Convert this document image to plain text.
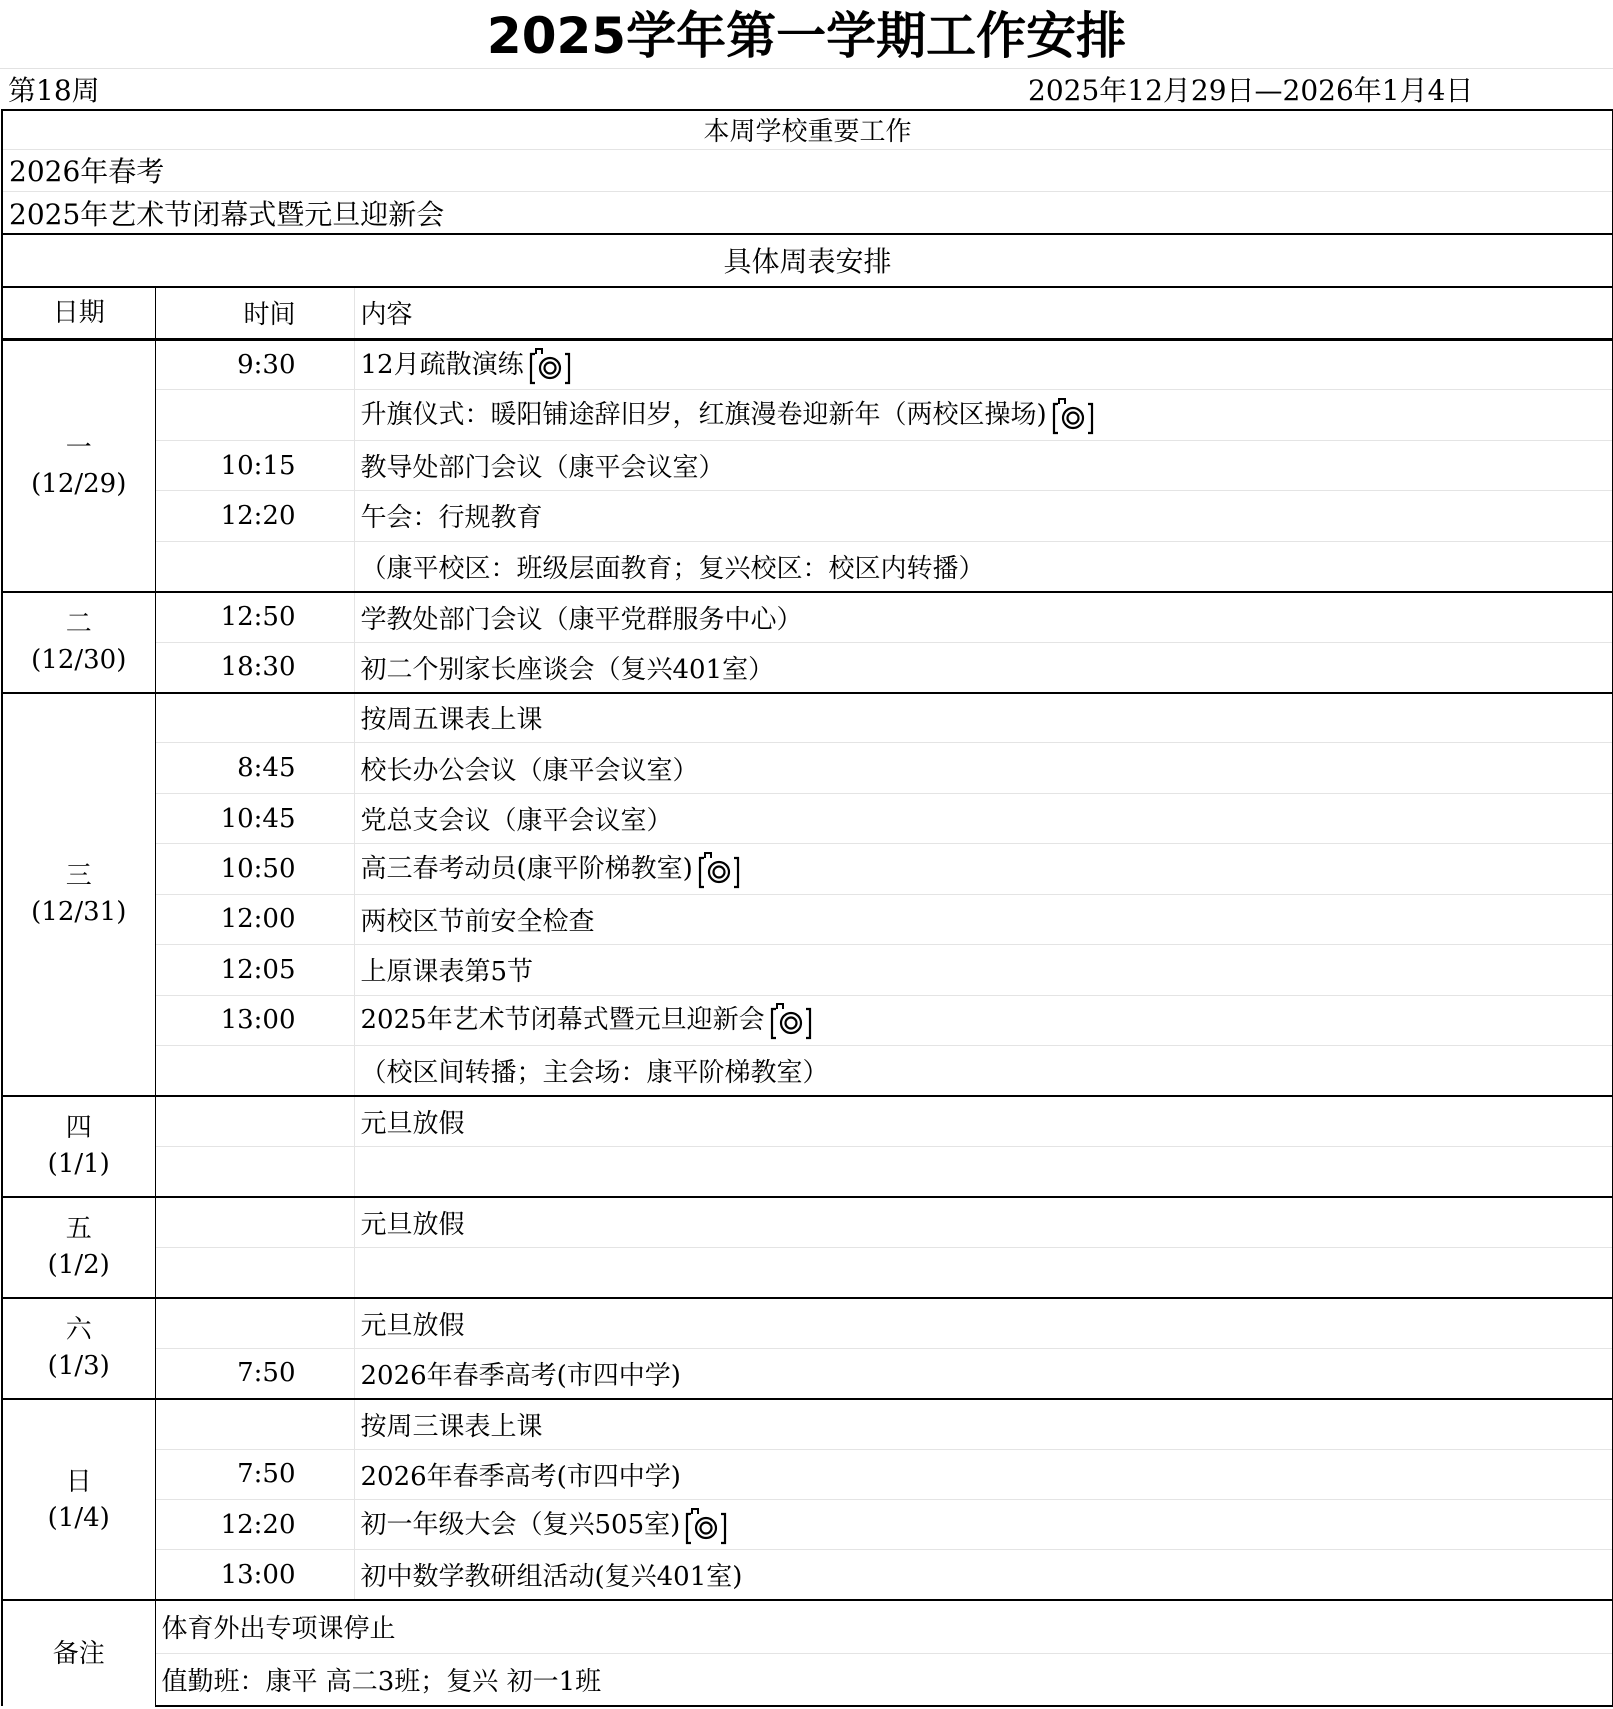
2025学年第一学期工作安排
第18周	2025年12月29日—2026年1月4日
本周学校重要工作		
2026年春考		
2025年艺术节闭幕式暨元旦迎新会		
具体周表安排		
日期	时间	内容

一
(12/29)	9:30	12月疏散演练
		升旗仪式：暖阳铺途辞旧岁，红旗漫卷迎新年（两校区操场)
	10:15	教导处部门会议（康平会议室）
	12:20	午会：行规教育
		（康平校区：班级层面教育；复兴校区：校区内转播）

二
(12/30)	12:50	学教处部门会议（康平党群服务中心）
	18:30	初二个别家长座谈会（复兴401室）

三
(12/31)		按周五课表上课
	8:45	校长办公会议（康平会议室）
	10:45	党总支会议（康平会议室）
	10:50	高三春考动员(康平阶梯教室)
	12:00	两校区节前安全检查
	12:05	上原课表第5节
	13:00	2025年艺术节闭幕式暨元旦迎新会
		（校区间转播；主会场：康平阶梯教室）

四
(1/1)		元旦放假

五
(1/2)		元旦放假

六
(1/3)		元旦放假
	7:50	2026年春季高考(市四中学)

日
(1/4)		按周三课表上课
	7:50	2026年春季高考(市四中学)
	12:20	初一年级大会（复兴505室)
	13:00	初中数学教研组活动(复兴401室)
备注	体育外出专项课停止	
	值勤班：康平 高二3班；复兴 初一1班	
